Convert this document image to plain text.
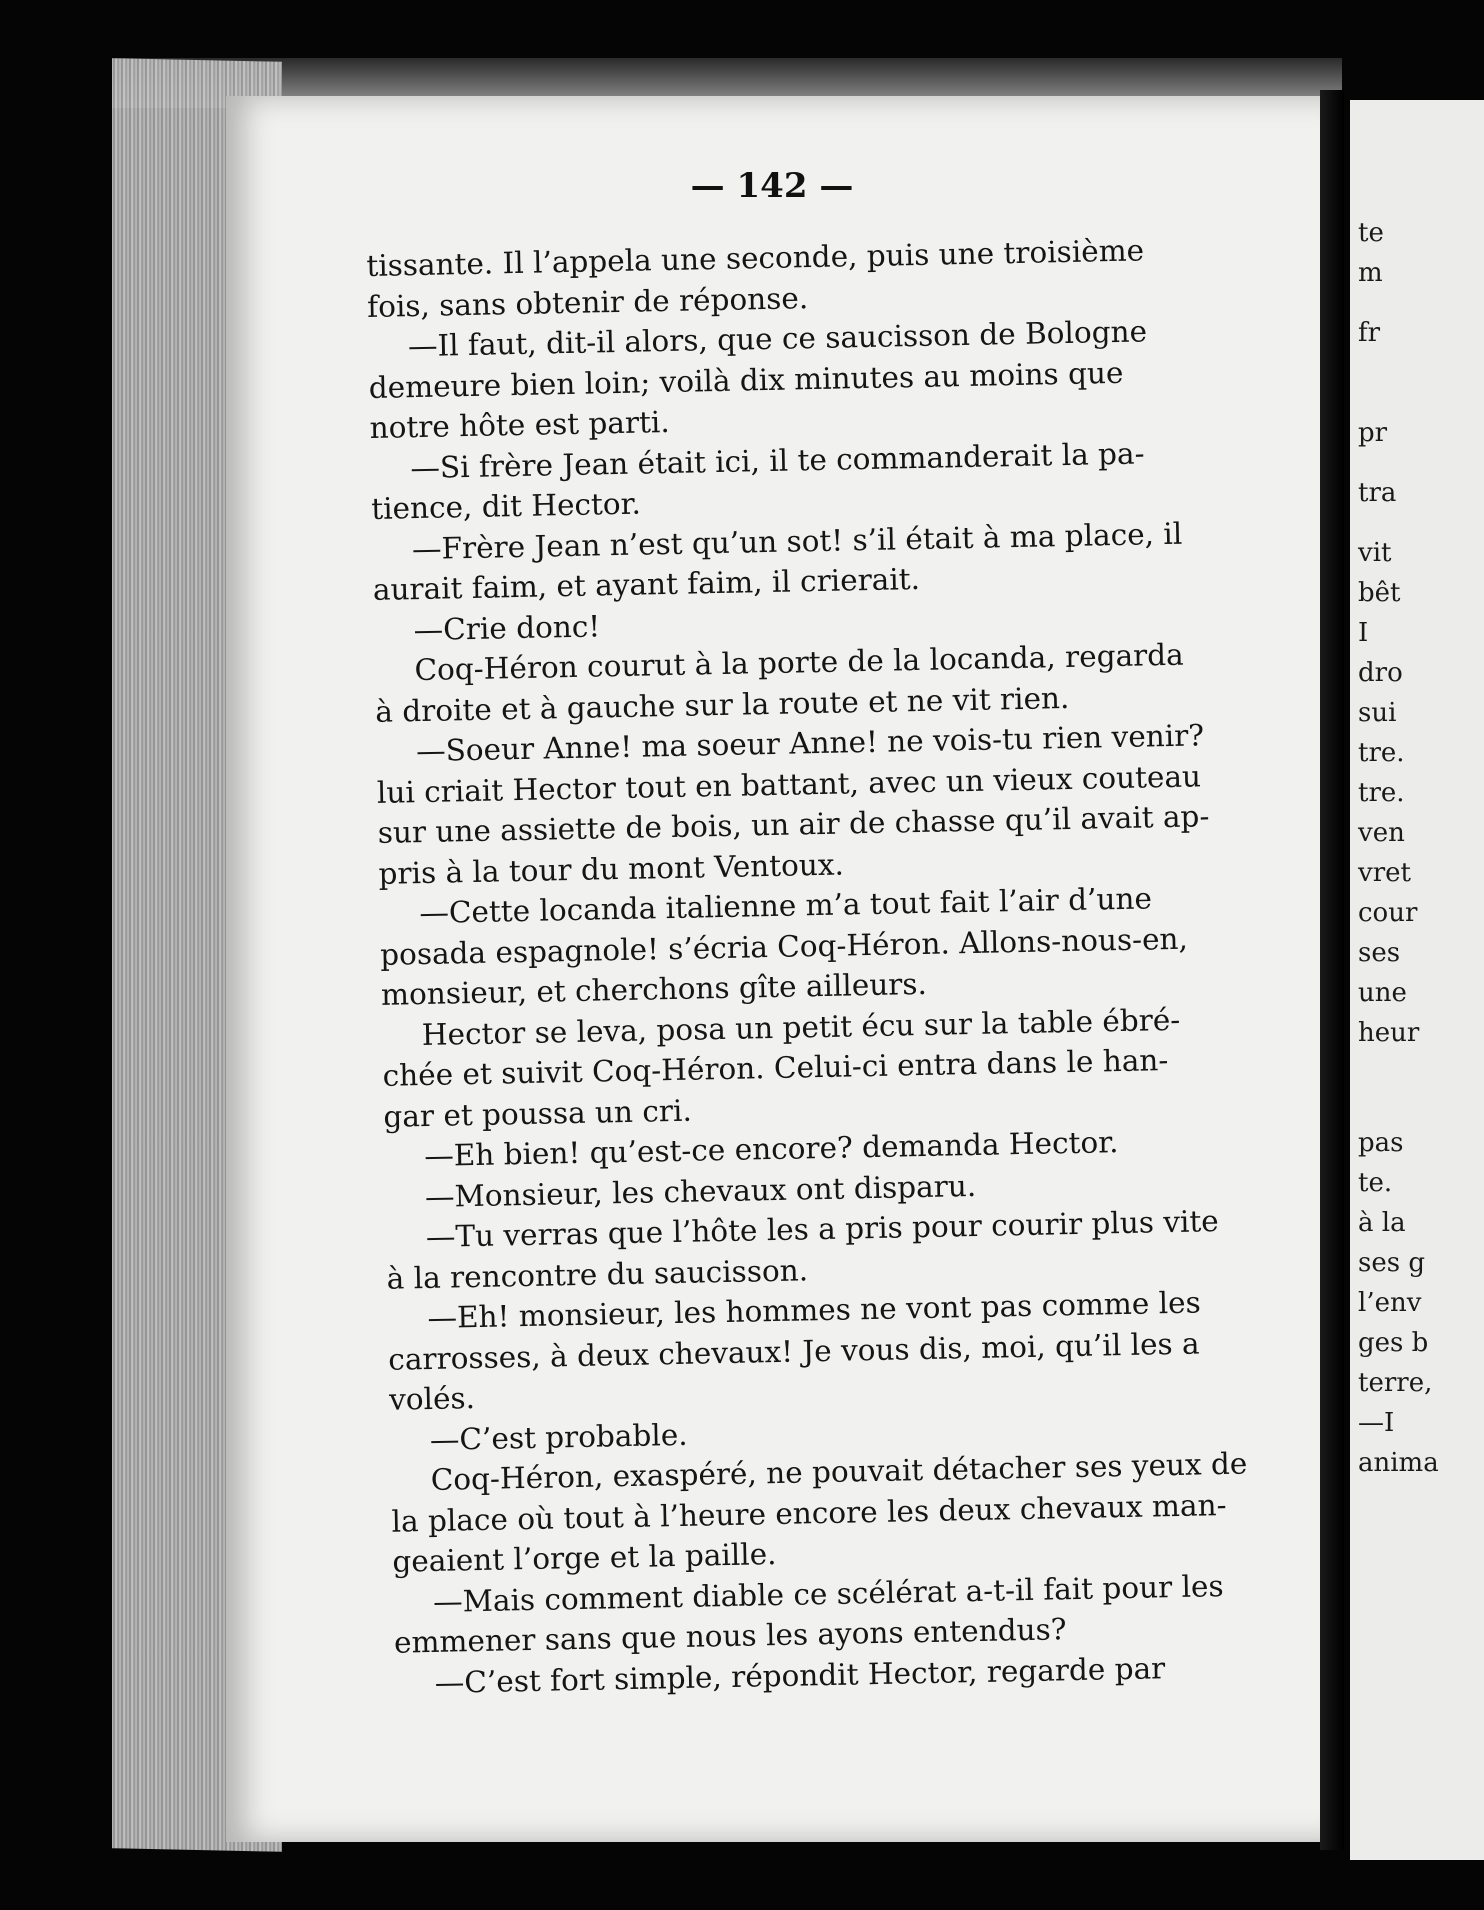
— 142 —
tissante. Il l’appela une seconde, puis une troisième
fois, sans obtenir de réponse.
—Il faut, dit-il alors, que ce saucisson de Bologne
demeure bien loin; voilà dix minutes au moins que
notre hôte est parti.
—Si frère Jean était ici, il te commanderait la pa-
tience, dit Hector.
—Frère Jean n’est qu’un sot! s’il était à ma place, il
aurait faim, et ayant faim, il crierait.
—Crie donc!
Coq-Héron courut à la porte de la locanda, regarda
à droite et à gauche sur la route et ne vit rien.
—Soeur Anne! ma soeur Anne! ne vois-tu rien venir?
lui criait Hector tout en battant, avec un vieux couteau
sur une assiette de bois, un air de chasse qu’il avait ap-
pris à la tour du mont Ventoux.
—Cette locanda italienne m’a tout fait l’air d’une
posada espagnole! s’écria Coq-Héron. Allons-nous-en,
monsieur, et cherchons gîte ailleurs.
Hector se leva, posa un petit écu sur la table ébré-
chée et suivit Coq-Héron. Celui-ci entra dans le han-
gar et poussa un cri.
—Eh bien! qu’est-ce encore? demanda Hector.
—Monsieur, les chevaux ont disparu.
—Tu verras que l’hôte les a pris pour courir plus vite
à la rencontre du saucisson.
—Eh! monsieur, les hommes ne vont pas comme les
carrosses, à deux chevaux! Je vous dis, moi, qu’il les a
volés.
—C’est probable.
Coq-Héron, exaspéré, ne pouvait détacher ses yeux de
la place où tout à l’heure encore les deux chevaux man-
geaient l’orge et la paille.
—Mais comment diable ce scélérat a-t-il fait pour les
emmener sans que nous les ayons entendus?
—C’est fort simple, répondit Hector, regarde par
te
m
fr
pr
tra
vit
bêt
I
dro
sui
tre.
tre.
ven
vret
cour
ses
une
heur
pas
te.
à la
ses g
l’env
ges b
terre,
—I
anima
